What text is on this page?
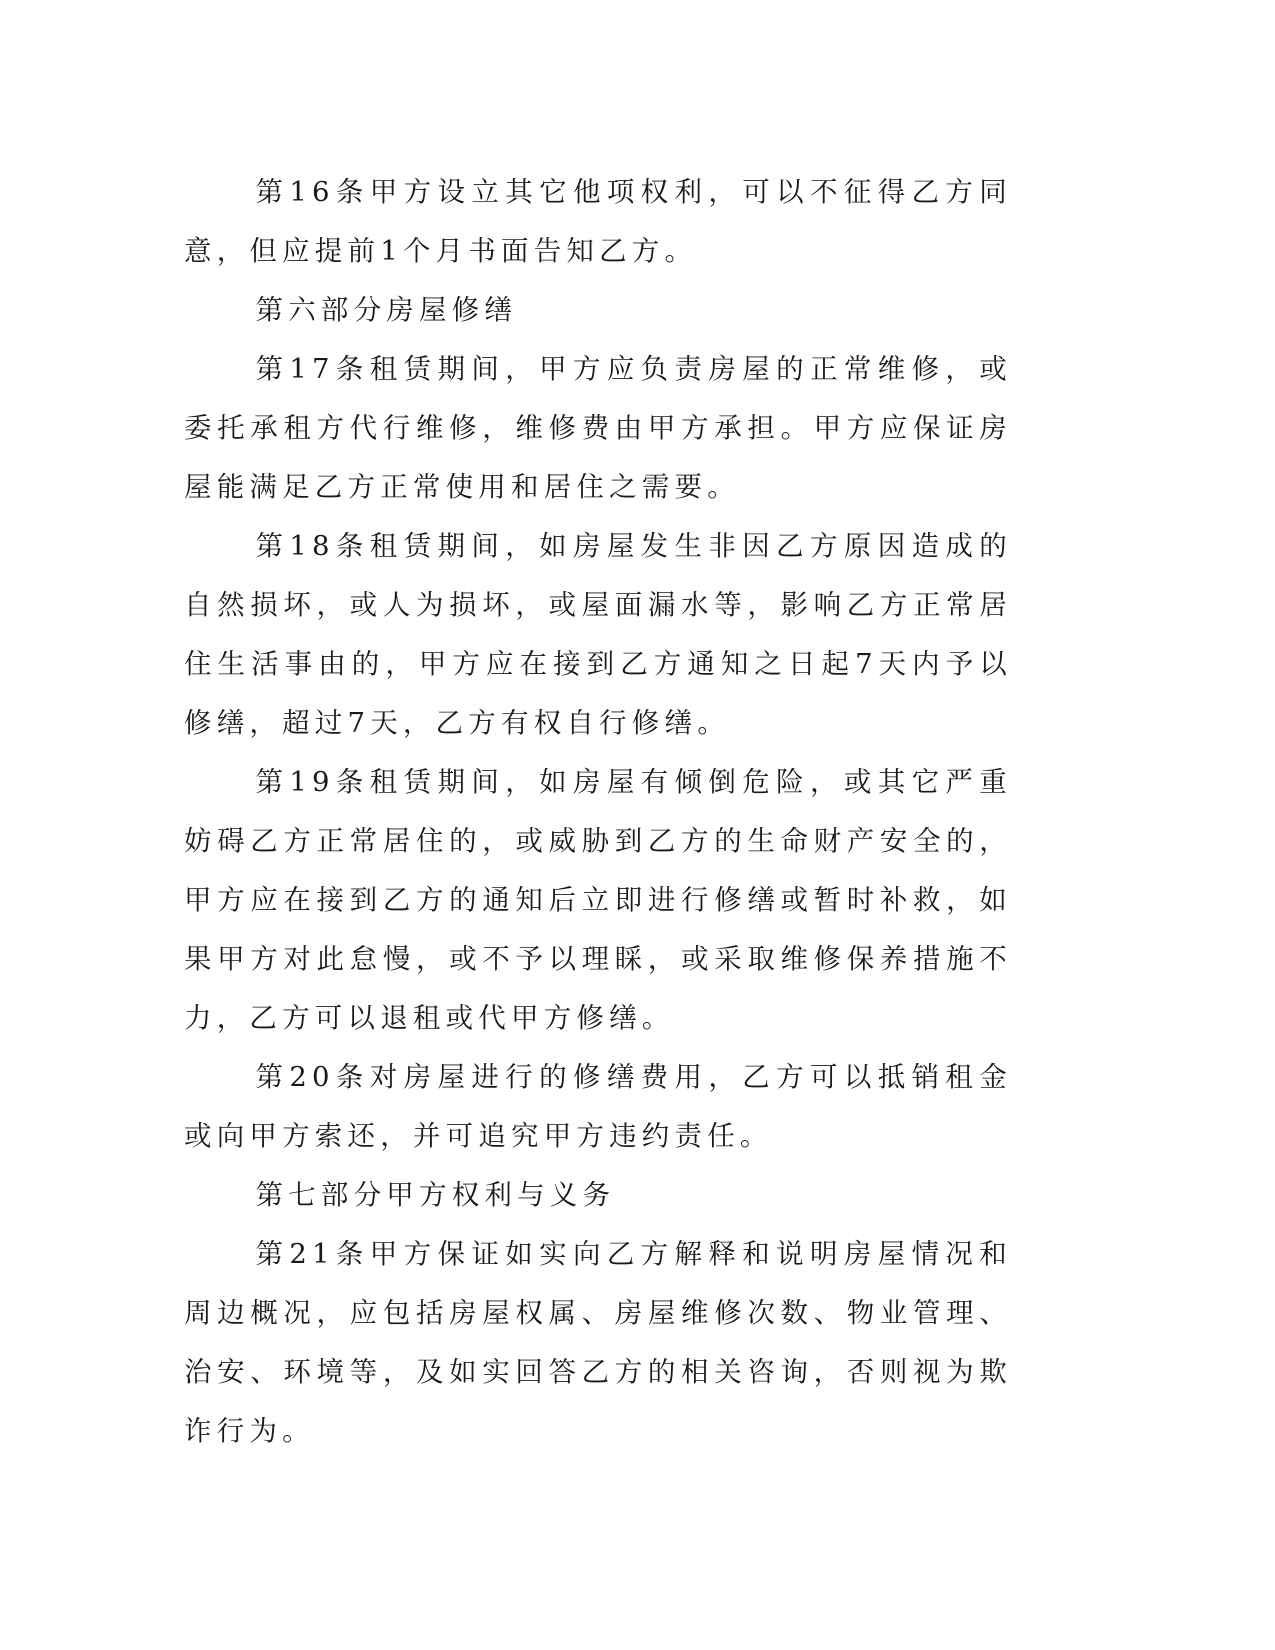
第16条甲方设立其它他项权利，可以不征得乙方同意，但应提前1个月书面告知乙方。

第六部分房屋修缮

第17条租赁期间，甲方应负责房屋的正常维修，或委托承租方代行维修，维修费由甲方承担。甲方应保证房屋能满足乙方正常使用和居住之需要。

第18条租赁期间，如房屋发生非因乙方原因造成的自然损坏，或人为损坏，或屋面漏水等，影响乙方正常居住生活事由的，甲方应在接到乙方通知之日起7天内予以修缮，超过7天，乙方有权自行修缮。

第19条租赁期间，如房屋有倾倒危险，或其它严重妨碍乙方正常居住的，或威胁到乙方的生命财产安全的，甲方应在接到乙方的通知后立即进行修缮或暂时补救，如果甲方对此怠慢，或不予以理睬，或采取维修保养措施不力，乙方可以退租或代甲方修缮。

第20条对房屋进行的修缮费用，乙方可以抵销租金或向甲方索还，并可追究甲方违约责任。

第七部分甲方权利与义务

第21条甲方保证如实向乙方解释和说明房屋情况和周边概况，应包括房屋权属、房屋维修次数、物业管理、治安、环境等，及如实回答乙方的相关咨询，否则视为欺诈行为。
